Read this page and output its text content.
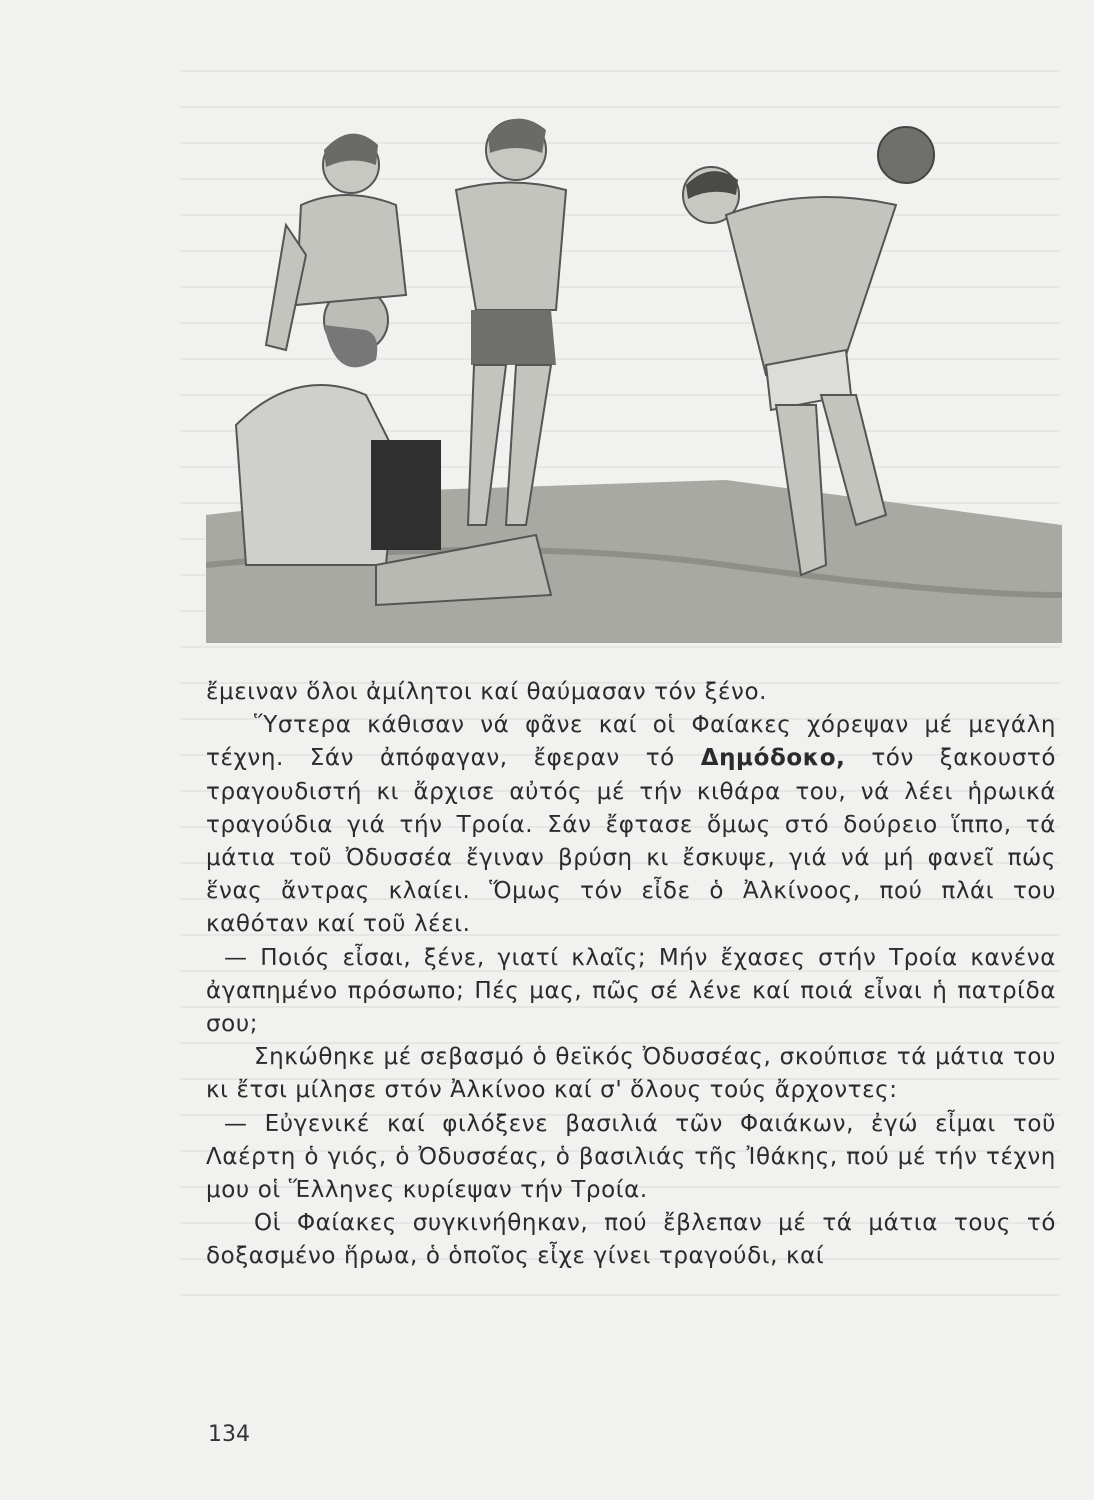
ἔμειναν ὅλοι ἀμίλητοι καί θαύμασαν τόν ξένο.

Ὕστερα κάθισαν νά φᾶνε καί οἱ Φαίακες χόρεψαν μέ μεγάλη τέχνη. Σάν ἀπόφαγαν, ἔφεραν τό Δημόδοκο, τόν ξακουστό τραγουδιστή κι ἄρχισε αὐτός μέ τήν κιθάρα του, νά λέει ἡρωικά τραγούδια γιά τήν Τροία. Σάν ἔφτασε ὅμως στό δούρειο ἵππο, τά μάτια τοῦ Ὀδυσσέα ἔγιναν βρύση κι ἔσκυψε, γιά νά μή φανεῖ πώς ἕνας ἄντρας κλαίει. Ὅμως τόν εἶδε ὁ Ἀλκίνοος, πού πλάι του καθόταν καί τοῦ λέει.

— Ποιός εἶσαι, ξένε, γιατί κλαῖς; Μήν ἔχασες στήν Τροία κανένα ἀγαπημένο πρόσωπο; Πές μας, πῶς σέ λένε καί ποιά εἶναι ἡ πατρίδα σου;

Σηκώθηκε μέ σεβασμό ὁ θεϊκός Ὀδυσσέας, σκούπισε τά μάτια του κι ἔτσι μίλησε στόν Ἀλκίνοο καί σ' ὅλους τούς ἄρχοντες:

— Εὐγενικέ καί φιλόξενε βασιλιά τῶν Φαιάκων, ἐγώ εἶμαι τοῦ Λαέρτη ὁ γιός, ὁ Ὀδυσσέας, ὁ βασιλιάς τῆς Ἰθάκης, πού μέ τήν τέχνη μου οἱ Ἕλληνες κυρίεψαν τήν Τροία.

Οἱ Φαίακες συγκινήθηκαν, πού ἔβλεπαν μέ τά μάτια τους τό δοξασμένο ἥρωα, ὁ ὁποῖος εἶχε γίνει τραγούδι, καί

134
